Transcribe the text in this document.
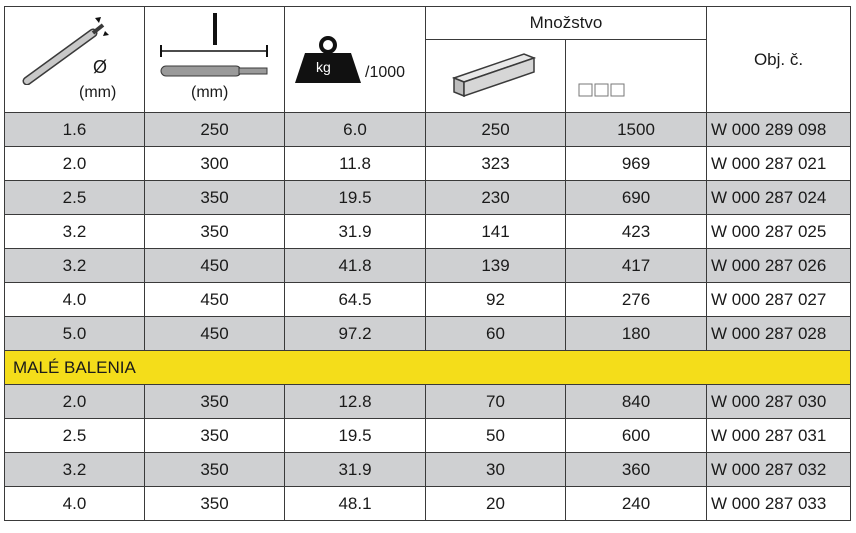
Ø
(mm)	(mm)	kg /1000	Množstvo		Obj. č.

1.6	250	6.0	250	1500	W 000 289 098
2.0	300	11.8	323	969	W 000 287 021
2.5	350	19.5	230	690	W 000 287 024
3.2	350	31.9	141	423	W 000 287 025
3.2	450	41.8	139	417	W 000 287 026
4.0	450	64.5	92	276	W 000 287 027
5.0	450	97.2	60	180	W 000 287 028
MALÉ BALENIA					
2.0	350	12.8	70	840	W 000 287 030
2.5	350	19.5	50	600	W 000 287 031
3.2	350	31.9	30	360	W 000 287 032
4.0	350	48.1	20	240	W 000 287 033
